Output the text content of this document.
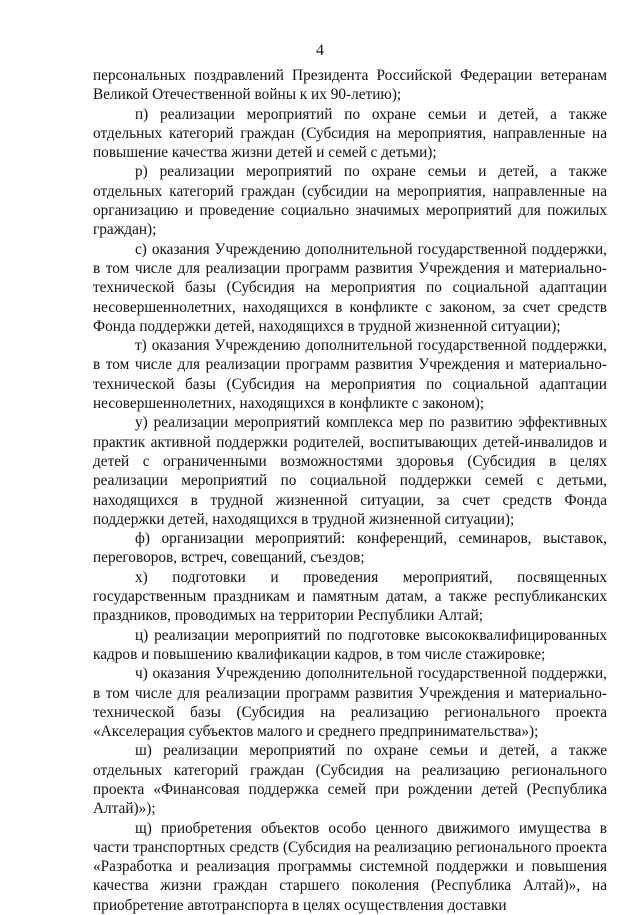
4

персональных поздравлений Президента Российской Федерации ветеранам Великой Отечественной войны к их 90-летию);

п) реализации мероприятий по охране семьи и детей, а также отдельных категорий граждан (Субсидия на мероприятия, направленные на повышение качества жизни детей и семей с детьми);

р) реализации мероприятий по охране семьи и детей, а также отдельных категорий граждан (субсидии на мероприятия, направленные на организацию и проведение социально значимых мероприятий для пожилых граждан);

с) оказания Учреждению дополнительной государственной поддержки, в том числе для реализации программ развития Учреждения и материально-технической базы (Субсидия на мероприятия по социальной адаптации несовершеннолетних, находящихся в конфликте с законом, за счет средств Фонда поддержки детей, находящихся в трудной жизненной ситуации);

т) оказания Учреждению дополнительной государственной поддержки, в том числе для реализации программ развития Учреждения и материально-технической базы (Субсидия на мероприятия по социальной адаптации несовершеннолетних, находящихся в конфликте с законом);

у) реализации мероприятий комплекса мер по развитию эффективных практик активной поддержки родителей, воспитывающих детей-инвалидов и детей с ограниченными возможностями здоровья (Субсидия в целях реализации мероприятий по социальной поддержки семей с детьми, находящихся в трудной жизненной ситуации, за счет средств Фонда поддержки детей, находящихся в трудной жизненной ситуации);

ф) организации мероприятий: конференций, семинаров, выставок, переговоров, встреч, совещаний, съездов;

х) подготовки и проведения мероприятий, посвященных государственным праздникам и памятным датам, а также республиканских праздников, проводимых на территории Республики Алтай;

ц) реализации мероприятий по подготовке высококвалифицированных кадров и повышению квалификации кадров, в том числе стажировке;

ч) оказания Учреждению дополнительной государственной поддержки, в том числе для реализации программ развития Учреждения и материально-технической базы (Субсидия на реализацию регионального проекта «Акселерация субъектов малого и среднего предпринимательства»);

ш) реализации мероприятий по охране семьи и детей, а также отдельных категорий граждан (Субсидия на реализацию регионального проекта «Финансовая поддержка семей при рождении детей (Республика Алтай)»);

щ) приобретения объектов особо ценного движимого имущества в части транспортных средств (Субсидия на реализацию регионального проекта «Разработка и реализация программы системной поддержки и повышения качества жизни граждан старшего поколения (Республика Алтай)», на приобретение автотранспорта в целях осуществления доставки
